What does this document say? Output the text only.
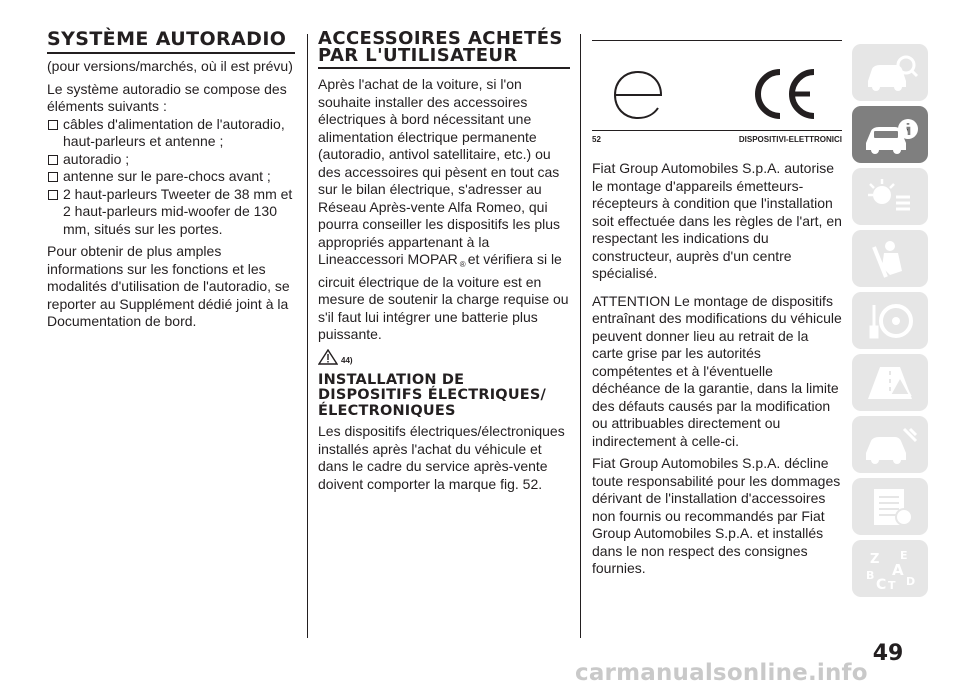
SYSTÈME AUTORADIO

(pour versions/marchés, où il est prévu)

Le système autoradio se compose des éléments suivants :

câbles d'alimentation de l'autoradio, haut-parleurs et antenne ;
autoradio ;
antenne sur le pare-chocs avant ;
2 haut-parleurs Tweeter de 38 mm et 2 haut-parleurs mid-woofer de 130 mm, situés sur les portes.

Pour obtenir de plus amples informations sur les fonctions et les modalités d'utilisation de l'autoradio, se reporter au Supplément dédié joint à la Documentation de bord.

ACCESSOIRES ACHETÉS PAR L'UTILISATEUR

Après l'achat de la voiture, si l'on souhaite installer des accessoires électriques à bord nécessitant une alimentation électrique permanente (autoradio, antivol satellitaire, etc.) ou des accessoires qui pèsent en tout cas sur le bilan électrique, s'adresser au Réseau Après-vente Alfa Romeo, qui pourra conseiller les dispositifs les plus appropriés appartenant à la Lineaccessori MOPAR $_®$ et vérifiera si le circuit électrique de la voiture est en mesure de soutenir la charge requise ou s'il faut lui intégrer une batterie plus puissante.

44)
INSTALLATION DE DISPOSITIFS ÉLECTRIQUES/ ÉLECTRONIQUES

Les dispositifs électriques/électroniques installés après l'achat du véhicule et dans le cadre du service après-vente doivent comporter la marque fig. 52.

52	DISPOSITIVI-ELETTRONICI

Fiat Group Automobiles S.p.A. autorise le montage d'appareils émetteurs-récepteurs à condition que l'installation soit effectuée dans les règles de l'art, en respectant les indications du constructeur, auprès d'un centre spécialisé.

ATTENTION Le montage de dispositifs entraînant des modifications du véhicule peuvent donner lieu au retrait de la carte grise par les autorités compétentes et à l'éventuelle déchéance de la garantie, dans la limite des défauts causés par la modification ou attribuables directement ou indirectement à celle-ci.

Fiat Group Automobiles S.p.A. décline toute responsabilité pour les dommages dérivant de l'installation d'accessoires non fournis ou recommandés par Fiat Group Automobiles S.p.A. et installés dans le non respect des consignes fournies.

Z E
A
B
C T D
49
carmanualsonline.info
